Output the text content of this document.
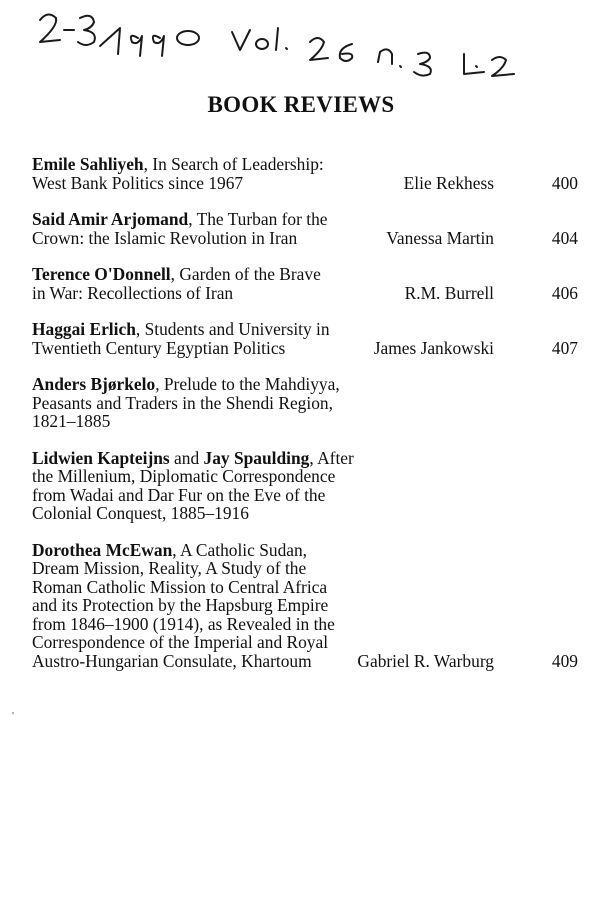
BOOK REVIEWS
Emile Sahliyeh, In Search of Leadership:
West Bank Politics since 1967	Elie Rekhess	400
Said Amir Arjomand, The Turban for the
Crown: the Islamic Revolution in Iran	Vanessa Martin	404
Terence O'Donnell, Garden of the Brave
in War: Recollections of Iran	R.M. Burrell	406
Haggai Erlich, Students and University in
Twentieth Century Egyptian Politics	James Jankowski	407
Anders Bjørkelo, Prelude to the Mahdiyya,
Peasants and Traders in the Shendi Region,
1821–1885
Lidwien Kapteijns and Jay Spaulding, After
the Millenium, Diplomatic Correspondence
from Wadai and Dar Fur on the Eve of the
Colonial Conquest, 1885–1916
Dorothea McEwan, A Catholic Sudan,
Dream Mission, Reality, A Study of the
Roman Catholic Mission to Central Africa
and its Protection by the Hapsburg Empire
from 1846–1900 (1914), as Revealed in the
Correspondence of the Imperial and Royal
Austro-Hungarian Consulate, Khartoum	Gabriel R. Warburg	409
